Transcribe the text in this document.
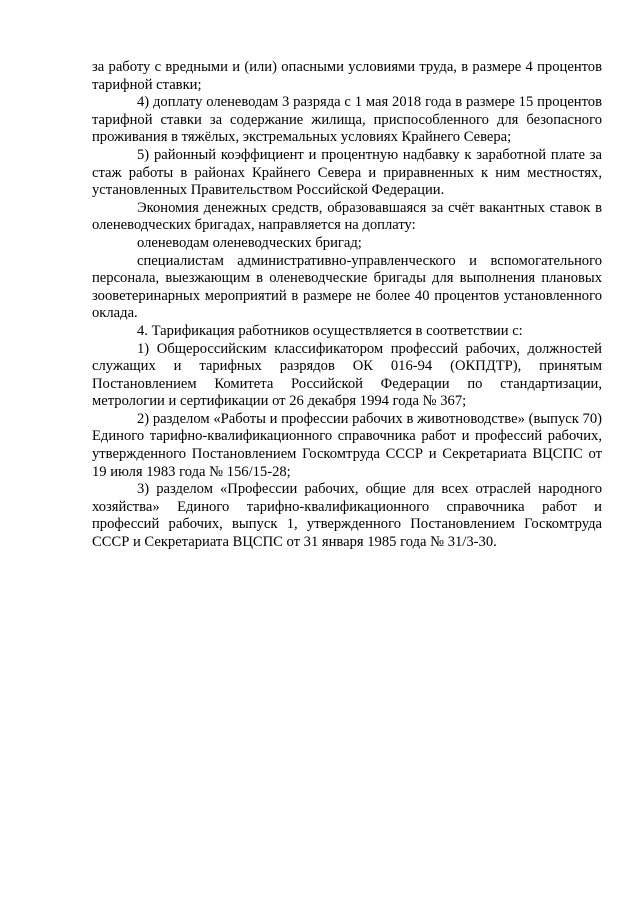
за работу с вредными и (или) опасными условиями труда, в размере 4 процентов тарифной ставки;

4) доплату оленеводам 3 разряда с 1 мая 2018 года в размере 15 процентов тарифной ставки за содержание жилища, приспособленного для безопасного проживания в тяжёлых, экстремальных условиях Крайнего Севера;

5) районный коэффициент и процентную надбавку к заработной плате за стаж работы в районах Крайнего Севера и приравненных к ним местностях, установленных Правительством Российской Федерации.

Экономия денежных средств, образовавшаяся за счёт вакантных ставок в оленеводческих бригадах, направляется на доплату:

оленеводам оленеводческих бригад;

специалистам административно-управленческого и вспомогательного персонала, выезжающим в оленеводческие бригады для выполнения плановых зооветеринарных мероприятий в размере не более 40 процентов установленного оклада.

4. Тарификация работников осуществляется в соответствии с:

1) Общероссийским классификатором профессий рабочих, должностей служащих и тарифных разрядов ОК 016-94 (ОКПДТР), принятым Постановлением Комитета Российской Федерации по стандартизации, метрологии и сертификации от 26 декабря 1994 года № 367;

2) разделом «Работы и профессии рабочих в животноводстве» (выпуск 70) Единого тарифно-квалификационного справочника работ и профессий рабочих, утвержденного Постановлением Госкомтруда СССР и Секретариата ВЦСПС от 19 июля 1983 года № 156/15-28;

3) разделом «Профессии рабочих, общие для всех отраслей народного хозяйства» Единого тарифно-квалификационного справочника работ и профессий рабочих, выпуск 1, утвержденного Постановлением Госкомтруда СССР и Секретариата ВЦСПС от 31 января 1985 года № 31/3-30.
